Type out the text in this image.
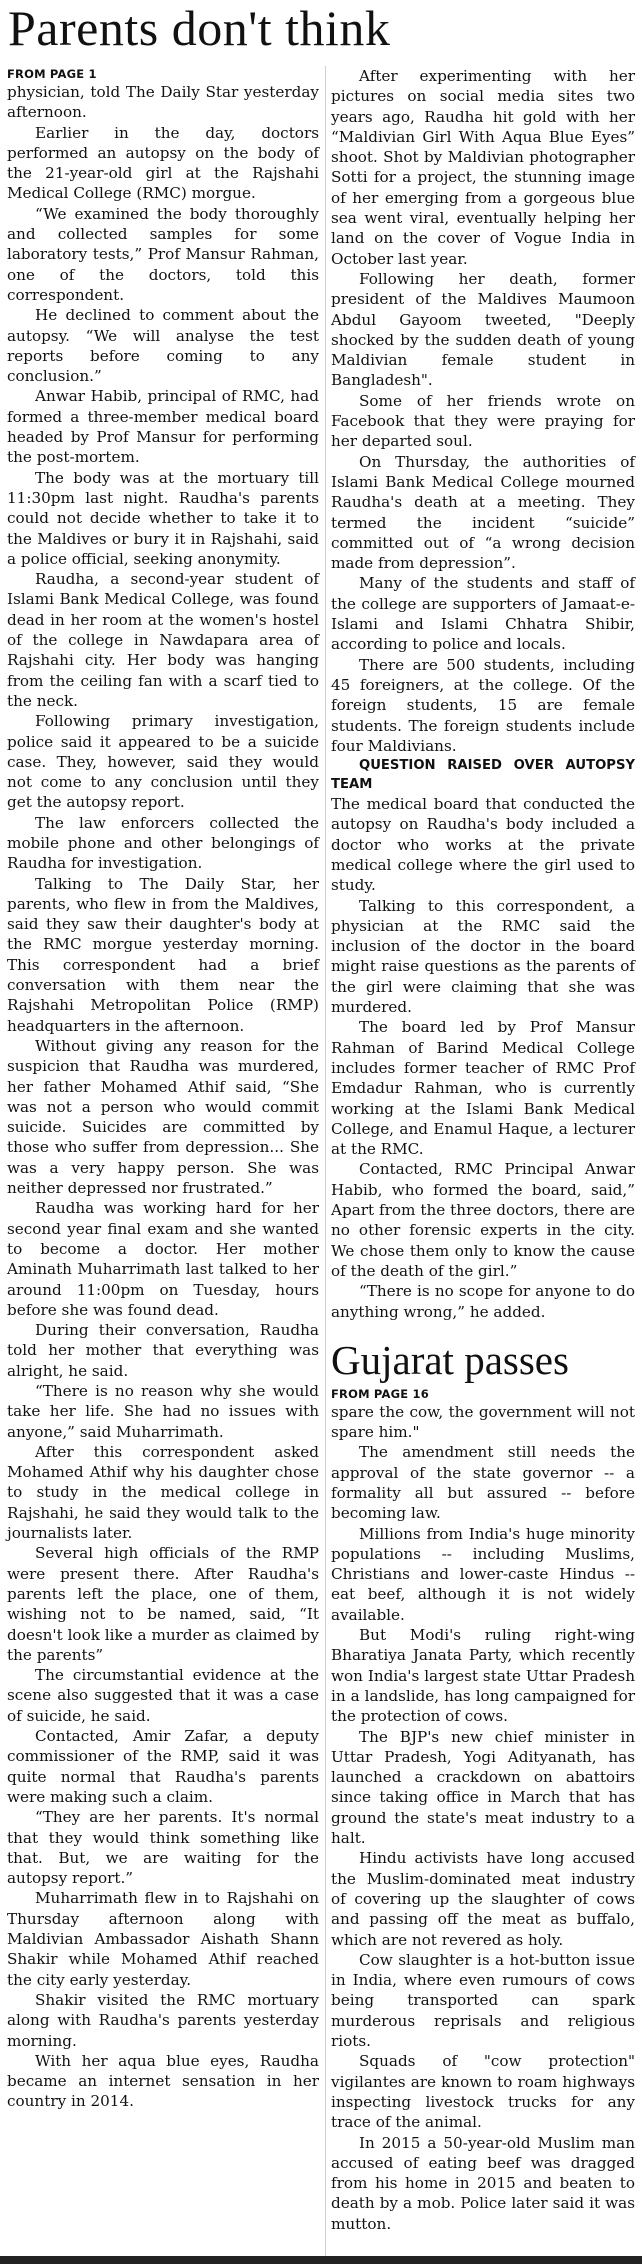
Parents don't think
FROM PAGE 1

physician, told The Daily Star yesterday afternoon.

Earlier in the day, doctors performed an autopsy on the body of the 21-year-old girl at the Rajshahi Medical College (RMC) morgue.

“We examined the body thoroughly and collected samples for some laboratory tests,” Prof Mansur Rahman, one of the doctors, told this correspondent.

He declined to comment about the autopsy. “We will analyse the test reports before coming to any conclusion.”

Anwar Habib, principal of RMC, had formed a three-member medical board headed by Prof Mansur for performing the post-mortem.

The body was at the mortuary till 11:30pm last night. Raudha's parents could not decide whether to take it to the Maldives or bury it in Rajshahi, said a police official, seeking anonymity.

Raudha, a second-year student of Islami Bank Medical College, was found dead in her room at the women's hostel of the college in Nawdapara area of Rajshahi city. Her body was hanging from the ceiling fan with a scarf tied to the neck.

Following primary investigation, police said it appeared to be a suicide case. They, however, said they would not come to any conclusion until they get the autopsy report.

The law enforcers collected the mobile phone and other belongings of Raudha for investigation.

Talking to The Daily Star, her parents, who flew in from the Maldives, said they saw their daughter's body at the RMC morgue yesterday morning. This correspondent had a brief conversation with them near the Rajshahi Metropolitan Police (RMP) headquarters in the afternoon.

Without giving any reason for the suspicion that Raudha was murdered, her father Mohamed Athif said, “She was not a person who would commit suicide. Suicides are committed by those who suffer from depression... She was a very happy person. She was neither depressed nor frustrated.”

Raudha was working hard for her second year final exam and she wanted to become a doctor. Her mother Aminath Muharrimath last talked to her around 11:00pm on Tuesday, hours before she was found dead.

During their conversation, Raudha told her mother that everything was alright, he said.

“There is no reason why she would take her life. She had no issues with anyone,” said Muharrimath.

After this correspondent asked Mohamed Athif why his daughter chose to study in the medical college in Rajshahi, he said they would talk to the journalists later.

Several high officials of the RMP were present there. After Raudha's parents left the place, one of them, wishing not to be named, said, “It doesn't look like a murder as claimed by the parents”

The circumstantial evidence at the scene also suggested that it was a case of suicide, he said.

Contacted, Amir Zafar, a deputy commissioner of the RMP, said it was quite normal that Raudha's parents were making such a claim.

“They are her parents. It's normal that they would think something like that. But, we are waiting for the autopsy report.”

Muharrimath flew in to Rajshahi on Thursday afternoon along with Maldivian Ambassador Aishath Shann Shakir while Mohamed Athif reached the city early yesterday.

Shakir visited the RMC mortuary along with Raudha's parents yesterday morning.

With her aqua blue eyes, Raudha became an internet sensation in her country in 2014.

After experimenting with her pictures on social media sites two years ago, Raudha hit gold with her “Maldivian Girl With Aqua Blue Eyes” shoot. Shot by Maldivian photographer Sotti for a project, the stunning image of her emerging from a gorgeous blue sea went viral, eventually helping her land on the cover of Vogue India in October last year.

Following her death, former president of the Maldives Maumoon Abdul Gayoom tweeted, "Deeply shocked by the sudden death of young Maldivian female student in Bangladesh".

Some of her friends wrote on Facebook that they were praying for her departed soul.

On Thursday, the authorities of Islami Bank Medical College mourned Raudha's death at a meeting. They termed the incident “suicide” committed out of “a wrong decision made from depression”.

Many of the students and staff of the college are supporters of Jamaat-e-Islami and Islami Chhatra Shibir, according to police and locals.

There are 500 students, including 45 foreigners, at the college. Of the foreign students, 15 are female students. The foreign students include four Maldivians.

QUESTION RAISED OVER AUTOPSY TEAM

The medical board that conducted the autopsy on Raudha's body included a doctor who works at the private medical college where the girl used to study.

Talking to this correspondent, a physician at the RMC said the inclusion of the doctor in the board might raise questions as the parents of the girl were claiming that she was murdered.

The board led by Prof Mansur Rahman of Barind Medical College includes former teacher of RMC Prof Emdadur Rahman, who is currently working at the Islami Bank Medical College, and Enamul Haque, a lecturer at the RMC.

Contacted, RMC Principal Anwar Habib, who formed the board, said,” Apart from the three doctors, there are no other forensic experts in the city. We chose them only to know the cause of the death of the girl.”

“There is no scope for anyone to do anything wrong,” he added.

Gujarat passes
FROM PAGE 16

spare the cow, the government will not spare him."

The amendment still needs the approval of the state governor -- a formality all but assured -- before becoming law.

Millions from India's huge minority populations -- including Muslims, Christians and lower-caste Hindus -- eat beef, although it is not widely available.

But Modi's ruling right-wing Bharatiya Janata Party, which recently won India's largest state Uttar Pradesh in a landslide, has long campaigned for the protection of cows.

The BJP's new chief minister in Uttar Pradesh, Yogi Adityanath, has launched a crackdown on abattoirs since taking office in March that has ground the state's meat industry to a halt.

Hindu activists have long accused the Muslim-dominated meat industry of covering up the slaughter of cows and passing off the meat as buffalo, which are not revered as holy.

Cow slaughter is a hot-button issue in India, where even rumours of cows being transported can spark murderous reprisals and religious riots.

Squads of "cow protection" vigilantes are known to roam highways inspecting livestock trucks for any trace of the animal.

In 2015 a 50-year-old Muslim man accused of eating beef was dragged from his home in 2015 and beaten to death by a mob. Police later said it was mutton.
